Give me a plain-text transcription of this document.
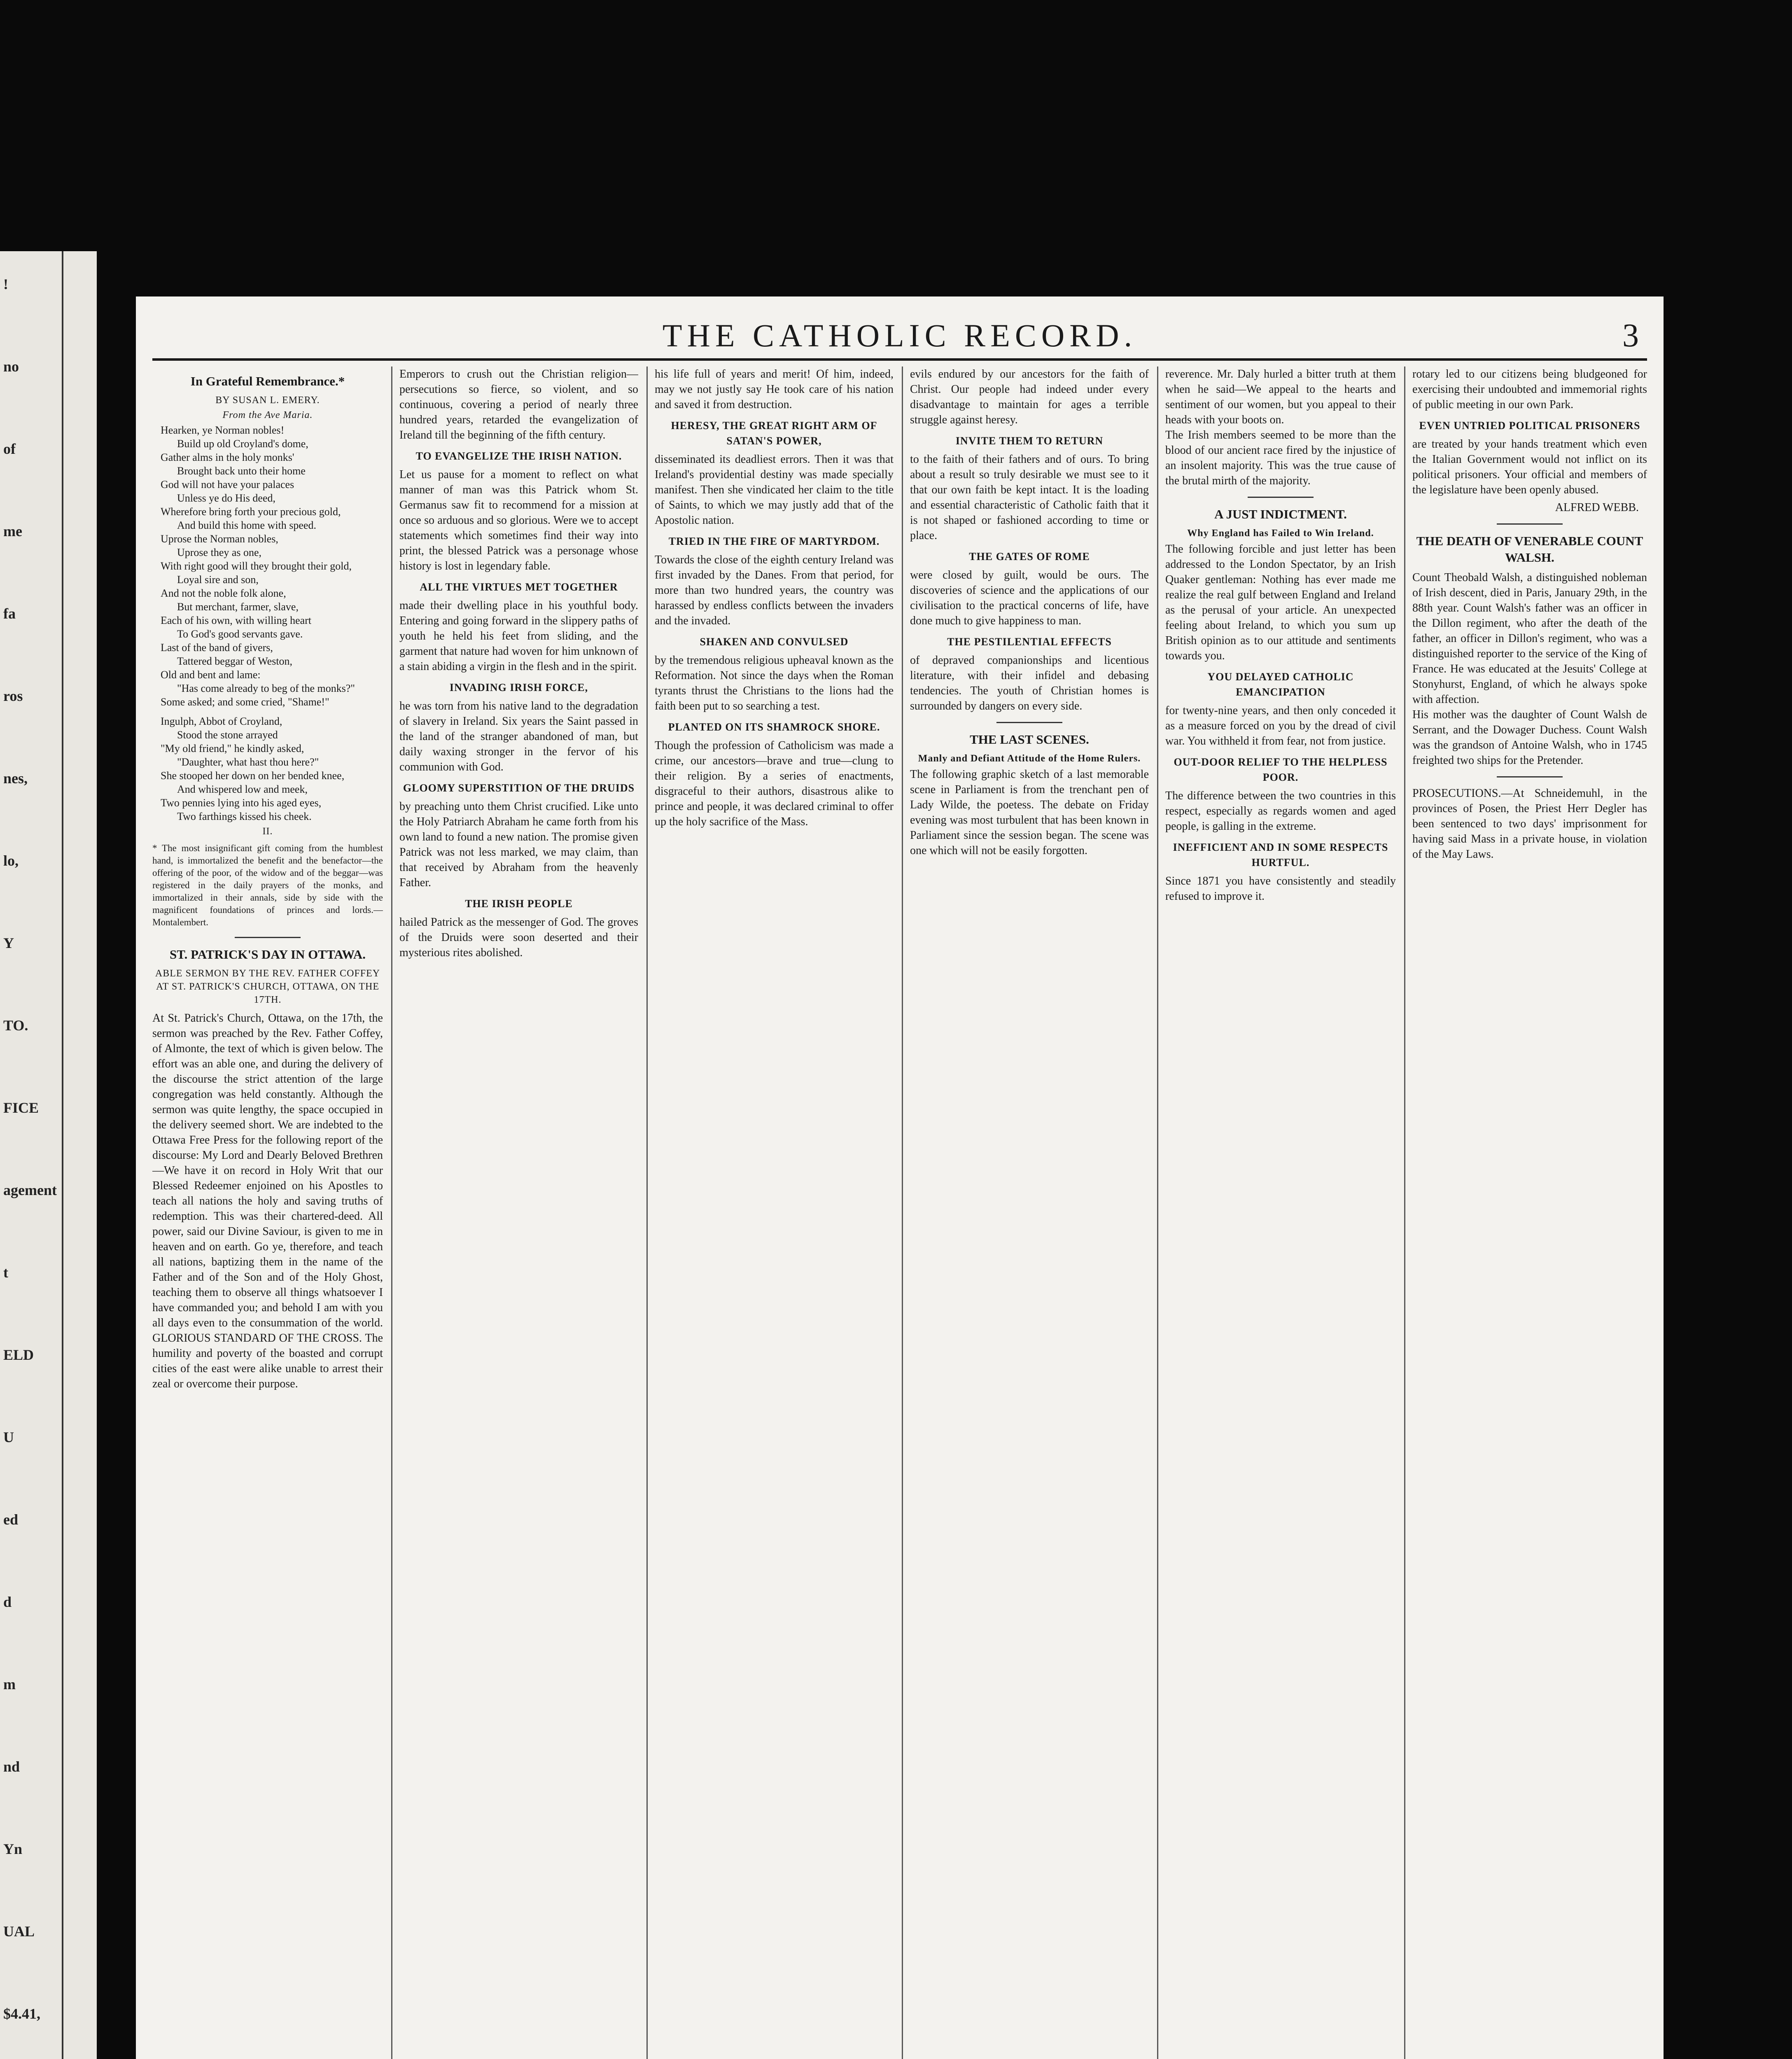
!
no
of
me
fa
ros
nes,
lo,
Y
TO.
FICE
agement
t
ELD
U
ed
d
m
nd
Yn
UAL
$4.41,
THE CATHOLIC RECORD.	3
In Grateful Remembrance.*
BY SUSAN L. EMERY.
From the Ave Maria.
Hearken, ye Norman nobles!
Build up old Croyland's dome,
Gather alms in the holy monks'
Brought back unto their home
God will not have your palaces
Unless ye do His deed,
Wherefore bring forth your precious gold,
And build this home with speed.
Uprose the Norman nobles,
Uprose they as one,
With right good will they brought their gold,
Loyal sire and son,
And not the noble folk alone,
But merchant, farmer, slave,
Each of his own, with willing heart
To God's good servants gave.
Last of the band of givers,
Tattered beggar of Weston,
Old and bent and lame:
"Has come already to beg of the monks?"
Some asked; and some cried, "Shame!"
Ingulph, Abbot of Croyland,
Stood the stone arrayed
"My old friend," he kindly asked,
"Daughter, what hast thou here?"
She stooped her down on her bended knee,
And whispered low and meek,
Two pennies lying into his aged eyes,
Two farthings kissed his cheek.
II.
* The most insignificant gift coming from the humblest hand, is immortalized the benefit and the benefactor—the offering of the poor, of the widow and of the beggar—was registered in the daily prayers of the monks, and immortalized in their annals, side by side with the magnificent foundations of princes and lords.—Montalembert.
ST. PATRICK'S DAY IN OTTAWA.
ABLE SERMON BY THE REV. FATHER COFFEY AT ST. PATRICK'S CHURCH, OTTAWA, ON THE 17TH.
At St. Patrick's Church, Ottawa, on the 17th, the sermon was preached by the Rev. Father Coffey, of Almonte, the text of which is given below. The effort was an able one, and during the delivery of the discourse the strict attention of the large congregation was held constantly. Although the sermon was quite lengthy, the space occupied in the delivery seemed short. We are indebted to the Ottawa Free Press for the following report of the discourse: My Lord and Dearly Beloved Brethren—We have it on record in Holy Writ that our Blessed Redeemer enjoined on his Apostles to teach all nations the holy and saving truths of redemption. This was their chartered-deed. All power, said our Divine Saviour, is given to me in heaven and on earth. Go ye, therefore, and teach all nations, baptizing them in the name of the Father and of the Son and of the Holy Ghost, teaching them to observe all things whatsoever I have commanded you; and behold I am with you all days even to the consummation of the world. GLORIOUS STANDARD OF THE CROSS. The humility and poverty of the boasted and corrupt cities of the east were alike unable to arrest their zeal or overcome their purpose.
Emperors to crush out the Christian religion—persecutions so fierce, so violent, and so continuous, covering a period of nearly three hundred years, retarded the evangelization of Ireland till the beginning of the fifth century.
TO EVANGELIZE THE IRISH NATION.
Let us pause for a moment to reflect on what manner of man was this Patrick whom St. Germanus saw fit to recommend for a mission at once so arduous and so glorious. Were we to accept statements which sometimes find their way into print, the blessed Patrick was a personage whose history is lost in legendary fable.
ALL THE VIRTUES MET TOGETHER
made their dwelling place in his youthful body. Entering and going forward in the slippery paths of youth he held his feet from sliding, and the garment that nature had woven for him unknown of a stain abiding a virgin in the flesh and in the spirit.
INVADING IRISH FORCE,
he was torn from his native land to the degradation of slavery in Ireland. Six years the Saint passed in the land of the stranger abandoned of man, but daily waxing stronger in the fervor of his communion with God.
GLOOMY SUPERSTITION OF THE DRUIDS
by preaching unto them Christ crucified. Like unto the Holy Patriarch Abraham he came forth from his own land to found a new nation. The promise given Patrick was not less marked, we may claim, than that received by Abraham from the heavenly Father.
THE IRISH PEOPLE
hailed Patrick as the messenger of God. The groves of the Druids were soon deserted and their mysterious rites abolished.
his life full of years and merit! Of him, indeed, may we not justly say He took care of his nation and saved it from destruction.
HERESY, THE GREAT RIGHT ARM OF SATAN'S POWER,
disseminated its deadliest errors. Then it was that Ireland's providential destiny was made specially manifest. Then she vindicated her claim to the title of Saints, to which we may justly add that of the Apostolic nation.
TRIED IN THE FIRE OF MARTYRDOM.
Towards the close of the eighth century Ireland was first invaded by the Danes. From that period, for more than two hundred years, the country was harassed by endless conflicts between the invaders and the invaded.
SHAKEN AND CONVULSED
by the tremendous religious upheaval known as the Reformation. Not since the days when the Roman tyrants thrust the Christians to the lions had the faith been put to so searching a test.
PLANTED ON ITS SHAMROCK SHORE.
Though the profession of Catholicism was made a crime, our ancestors—brave and true—clung to their religion. By a series of enactments, disgraceful to their authors, disastrous alike to prince and people, it was declared criminal to offer up the holy sacrifice of the Mass.
evils endured by our ancestors for the faith of Christ. Our people had indeed under every disadvantage to maintain for ages a terrible struggle against heresy.
INVITE THEM TO RETURN
to the faith of their fathers and of ours. To bring about a result so truly desirable we must see to it that our own faith be kept intact. It is the loading and essential characteristic of Catholic faith that it is not shaped or fashioned according to time or place.
THE GATES OF ROME
were closed by guilt, would be ours. The discoveries of science and the applications of our civilisation to the practical concerns of life, have done much to give happiness to man.
THE PESTILENTIAL EFFECTS
of depraved companionships and licentious literature, with their infidel and debasing tendencies. The youth of Christian homes is surrounded by dangers on every side.
THE LAST SCENES.
Manly and Defiant Attitude of the Home Rulers.
The following graphic sketch of a last memorable scene in Parliament is from the trenchant pen of Lady Wilde, the poetess. The debate on Friday evening was most turbulent that has been known in Parliament since the session began. The scene was one which will not be easily forgotten.
reverence. Mr. Daly hurled a bitter truth at them when he said—We appeal to the hearts and sentiment of our women, but you appeal to their heads with your boots on.
The Irish members seemed to be more than the blood of our ancient race fired by the injustice of an insolent majority. This was the true cause of the brutal mirth of the majority.
A JUST INDICTMENT.
Why England has Failed to Win Ireland.
The following forcible and just letter has been addressed to the London Spectator, by an Irish Quaker gentleman: Nothing has ever made me realize the real gulf between England and Ireland as the perusal of your article. An unexpected feeling about Ireland, to which you sum up British opinion as to our attitude and sentiments towards you.
YOU DELAYED CATHOLIC EMANCIPATION
for twenty-nine years, and then only conceded it as a measure forced on you by the dread of civil war. You withheld it from fear, not from justice.
OUT-DOOR RELIEF TO THE HELPLESS POOR.
The difference between the two countries in this respect, especially as regards women and aged people, is galling in the extreme.
INEFFICIENT AND IN SOME RESPECTS HURTFUL.
Since 1871 you have consistently and steadily refused to improve it.
rotary led to our citizens being bludgeoned for exercising their undoubted and immemorial rights of public meeting in our own Park.
EVEN UNTRIED POLITICAL PRISONERS
are treated by your hands treatment which even the Italian Government would not inflict on its political prisoners. Your official and members of the legislature have been openly abused.
ALFRED WEBB.
THE DEATH OF VENERABLE COUNT WALSH.
Count Theobald Walsh, a distinguished nobleman of Irish descent, died in Paris, January 29th, in the 88th year. Count Walsh's father was an officer in the Dillon regiment, who after the death of the father, an officer in Dillon's regiment, who was a distinguished reporter to the service of the King of France. He was educated at the Jesuits' College at Stonyhurst, England, of which he always spoke with affection.
His mother was the daughter of Count Walsh de Serrant, and the Dowager Duchess. Count Walsh was the grandson of Antoine Walsh, who in 1745 freighted two ships for the Pretender.
PROSECUTIONS.—At Schneidemuhl, in the provinces of Posen, the Priest Herr Degler has been sentenced to two days' imprisonment for having said Mass in a private house, in violation of the May Laws.
